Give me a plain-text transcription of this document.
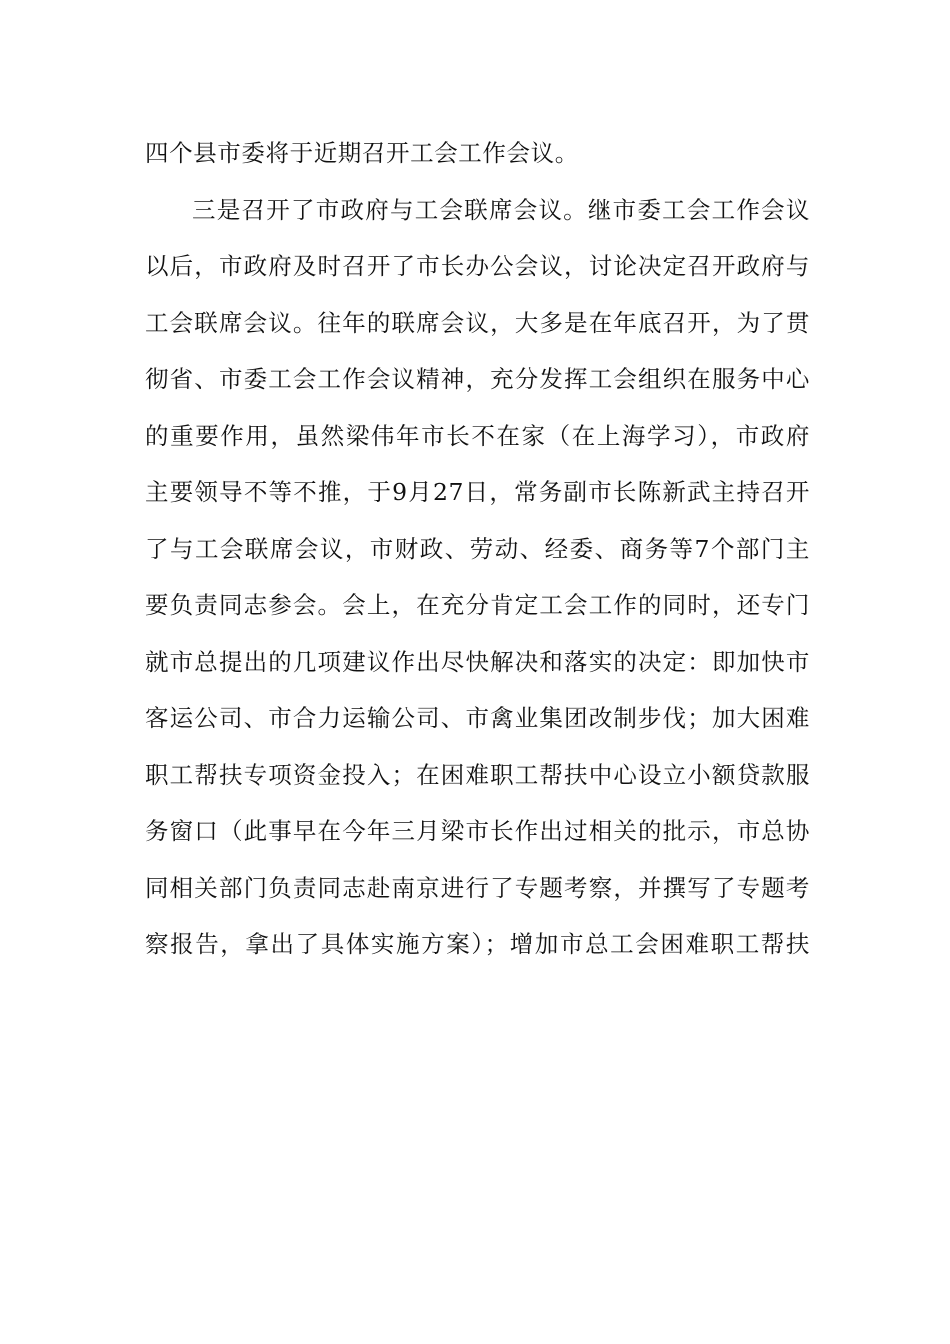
四个县市委将于近期召开工会工作会议。
三是召开了市政府与工会联席会议。继市委工会工作会议
以后，市政府及时召开了市长办公会议，讨论决定召开政府与
工会联席会议。往年的联席会议，大多是在年底召开，为了贯
彻省、市委工会工作会议精神，充分发挥工会组织在服务中心
的重要作用，虽然梁伟年市长不在家（在上海学习），市政府
主要领导不等不推，于9月27日，常务副市长陈新武主持召开
了与工会联席会议，市财政、劳动、经委、商务等7个部门主
要负责同志参会。会上，在充分肯定工会工作的同时，还专门
就市总提出的几项建议作出尽快解决和落实的决定：即加快市
客运公司、市合力运输公司、市禽业集团改制步伐；加大困难
职工帮扶专项资金投入；在困难职工帮扶中心设立小额贷款服
务窗口（此事早在今年三月梁市长作出过相关的批示，市总协
同相关部门负责同志赴南京进行了专题考察，并撰写了专题考
察报告，拿出了具体实施方案）；增加市总工会困难职工帮扶
